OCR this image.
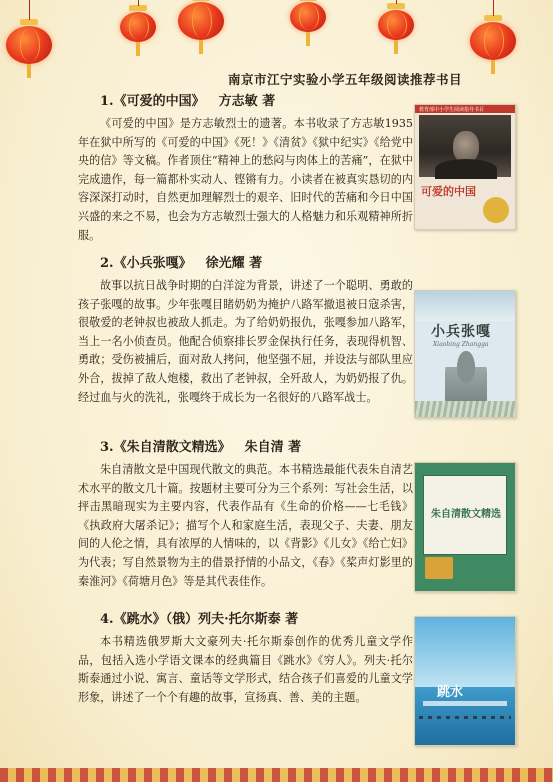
南京市江宁实验小学五年级阅读推荐书目
1.《可爱的中国》 方志敏 著

《可爱的中国》是方志敏烈士的遗著。本书收录了方志敏1935年在狱中所写的《可爱的中国》《死！》《清贫》《狱中纪实》《给党中央的信》等文稿。作者顶住“精神上的愁闷与肉体上的苦痛”，在狱中完成遗作，每一篇都朴实动人、铿锵有力。小读者在被真实恳切的内容深深打动时，自然更加理解烈士的艰辛、旧时代的苦痛和今日中国兴盛的来之不易，也会为方志敏烈士强大的人格魅力和乐观精神所折服。

教育部中小学生阅读指导书目
可爱的中国
2.《小兵张嘎》 徐光耀 著

故事以抗日战争时期的白洋淀为背景，讲述了一个聪明、勇敢的孩子张嘎的故事。少年张嘎目睹奶奶为掩护八路军撤退被日寇杀害，很敬爱的老钟叔也被敌人抓走。为了给奶奶报仇，张嘎参加八路军，当上一名小侦查员。他配合侦察排长罗金保执行任务，表现得机智、勇敢；受伤被捕后，面对敌人拷问，他坚强不屈，并设法与部队里应外合，拔掉了敌人炮楼，救出了老钟叔，全歼敌人，为奶奶报了仇。经过血与火的洗礼，张嘎终于成长为一名很好的八路军战士。

小兵张嘎
Xiaobing Zhangga
3.《朱自清散文精选》 朱自清 著

朱自清散文是中国现代散文的典范。本书精选最能代表朱自清艺术水平的散文几十篇。按题材主要可分为三个系列：写社会生活，以抨击黑暗现实为主要内容，代表作品有《生命的价格——七毛钱》《执政府大屠杀记》；描写个人和家庭生活，表现父子、夫妻、朋友间的人伦之情，具有浓厚的人情味的，以《背影》《儿女》《给亡妇》为代表；写自然景物为主的借景抒情的小品文，《春》《桨声灯影里的秦淮河》《荷塘月色》等是其代表佳作。

朱自清散文精选
4.《跳水》（俄）列夫·托尔斯泰 著

本书精选俄罗斯大文豪列夫·托尔斯泰创作的优秀儿童文学作品，包括入选小学语文课本的经典篇目《跳水》《穷人》。列夫·托尔斯泰通过小说、寓言、童话等文学形式，结合孩子们喜爱的儿童文学形象，讲述了一个个有趣的故事，宣扬真、善、美的主题。	跳水
